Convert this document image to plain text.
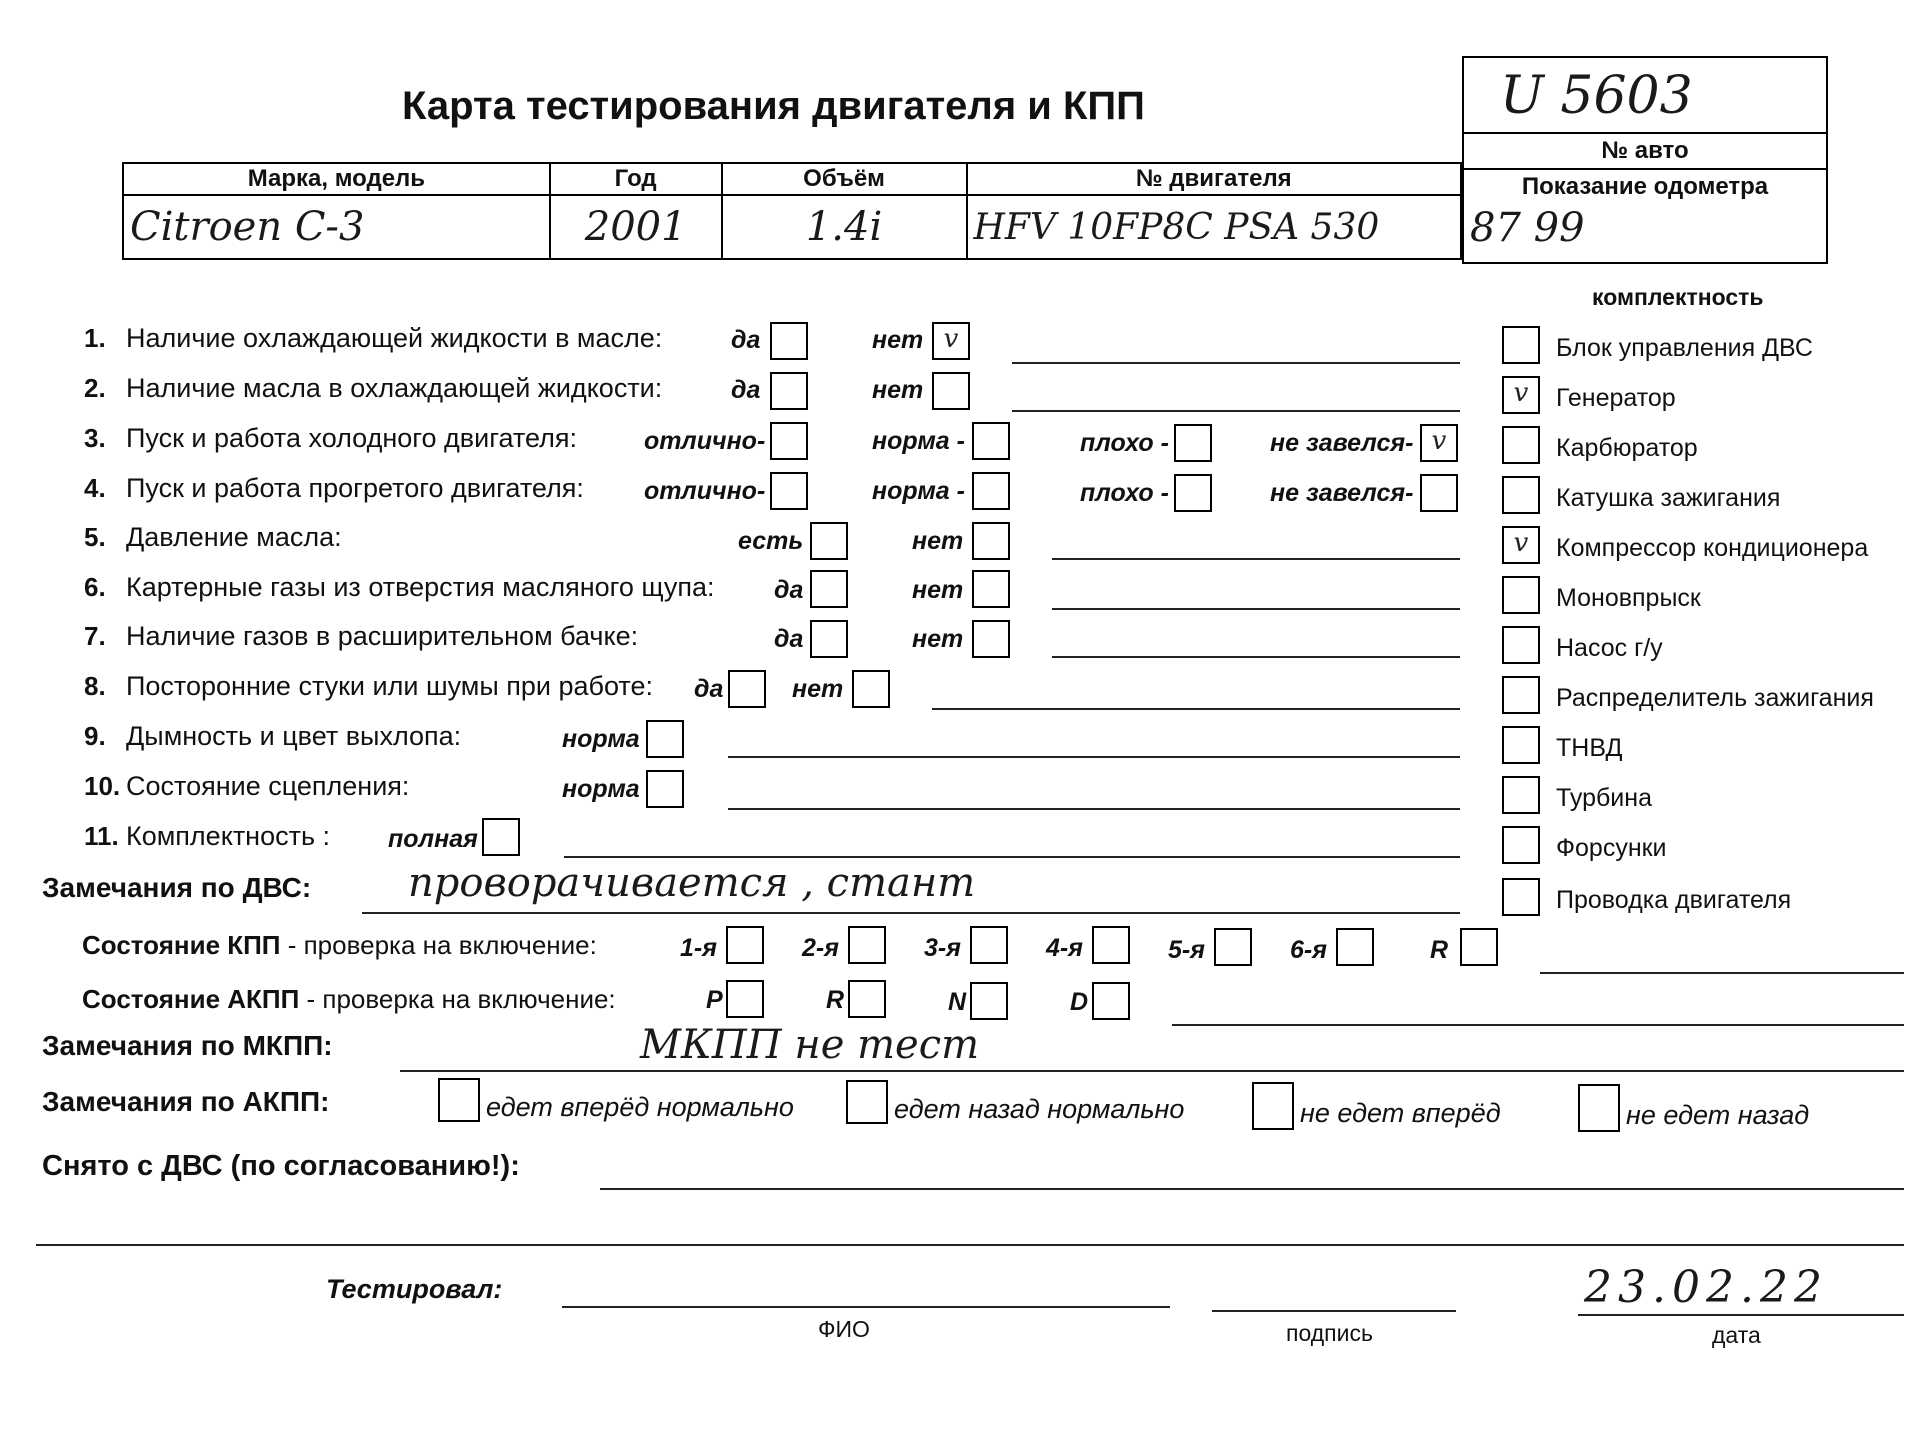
Карта тестирования двигателя и КПП	U 5603
№ авто
Показание одометра
87 99
Марка, модель	Год	Объём	№ двигателя
Citroen C-3	2001	1.4i	HFV 10FP8C PSA 530
1. Наличие охлаждающей жидкости в масле:	да	нет v
2. Наличие масла в охлаждающей жидкости:	да	нет
3. Пуск и работа холодного двигателя:	отлично-	норма -	плохо -	не завелся- v
4. Пуск и работа прогретого двигателя: отлично-	норма -	плохо -	не завелся-
5. Давление масла:	есть	нет
6. Картерные газы из отверстия масляного щупа: да	нет
7. Наличие газов в расширительном бачке:	да	нет
8. Посторонние стуки или шумы при работе: да	нет
9. Дымность и цвет выхлопа:	норма
10. Состояние сцепления:	норма
11. Комплектность : полная
комплектность
Блок управления ДВС
v	Генератор
Карбюратор
Катушка зажигания
v	Компрессор кондиционера
Моновпрыск
Насос г/у
Распределитель зажигания
ТНВД
Турбина
Форсунки
Проводка двигателя
Замечания по ДВС: проворачивается , стант
Состояние КПП - проверка на включение:	1-я	2-я	3-я	4-я	5-я	6-я	R
Состояние АКПП - проверка на включение:	P	R	N	D
Замечания по МКПП:	МКПП не тест
Замечания по АКПП:	едет вперёд нормально	едет назад нормально	не едет вперёд	не едет назад
Снято с ДВС (по согласованию!):
Тестировал:
ФИО	подпись
23.02.22
дата
